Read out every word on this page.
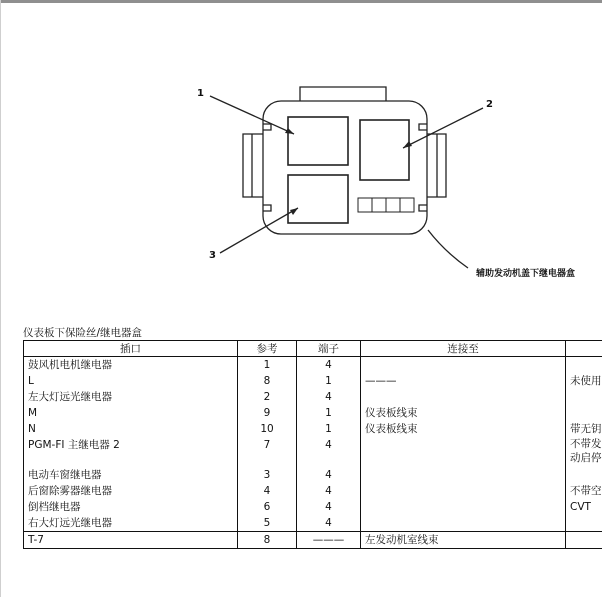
1
2
3
辅助发动机盖下继电器盒
仪表板下保险丝/继电器盒
插口	参考	端子	连接至	
鼓风机电机继电器	1	4		
L	8	1	———	未使用
左大灯远光继电器	2	4		
M	9	1	仪表板线束	
N	10	1	仪表板线束	带无钥
PGM-FI 主继电器 2	7	4		不带发
动启停

电动车窗继电器	3	4		
后窗除雾器继电器	4	4		不带空
倒档继电器	6	4		CVT
右大灯远光继电器	5	4		
T-7	8	———	左发动机室线束	
